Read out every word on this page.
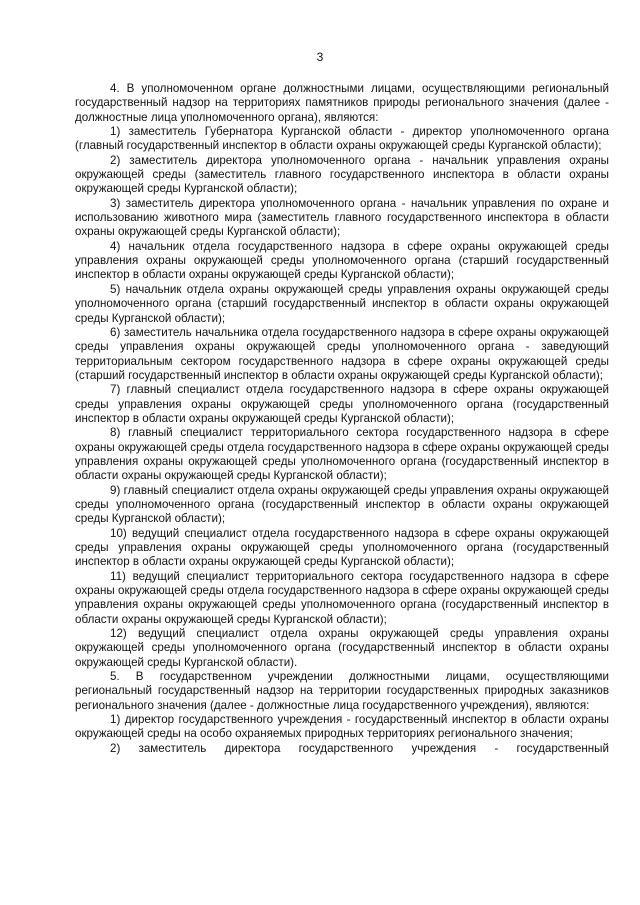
3

4. В уполномоченном органе должностными лицами, осуществляющими региональный государственный надзор на территориях памятников природы регионального значения (далее - должностные лица уполномоченного органа), являются:

1) заместитель Губернатора Курганской области - директор уполномоченного органа (главный государственный инспектор в области охраны окружающей среды Курганской области);

2) заместитель директора уполномоченного органа - начальник управления охраны окружающей среды (заместитель главного государственного инспектора в области охраны окружающей среды Курганской области);

3) заместитель директора уполномоченного органа - начальник управления по охране и использованию животного мира (заместитель главного государственного инспектора в области охраны окружающей среды Курганской области);

4) начальник отдела государственного надзора в сфере охраны окружающей среды управления охраны окружающей среды уполномоченного органа (старший государственный инспектор в области охраны окружающей среды Курганской области);

5) начальник отдела охраны окружающей среды управления охраны окружающей среды уполномоченного органа (старший государственный инспектор в области охраны окружающей среды Курганской области);

6) заместитель начальника отдела государственного надзора в сфере охраны окружающей среды управления охраны окружающей среды уполномоченного органа - заведующий территориальным сектором государственного надзора в сфере охраны окружающей среды (старший государственный инспектор в области охраны окружающей среды Курганской области);

7) главный специалист отдела государственного надзора в сфере охраны окружающей среды управления охраны окружающей среды уполномоченного органа (государственный инспектор в области охраны окружающей среды Курганской области);

8) главный специалист территориального сектора государственного надзора в сфере охраны окружающей среды отдела государственного надзора в сфере охраны окружающей среды управления охраны окружающей среды уполномоченного органа (государственный инспектор в области охраны окружающей среды Курганской области);

9) главный специалист отдела охраны окружающей среды управления охраны окружающей среды уполномоченного органа (государственный инспектор в области охраны окружающей среды Курганской области);

10) ведущий специалист отдела государственного надзора в сфере охраны окружающей среды управления охраны окружающей среды уполномоченного органа (государственный инспектор в области охраны окружающей среды Курганской области);

11) ведущий специалист территориального сектора государственного надзора в сфере охраны окружающей среды отдела государственного надзора в сфере охраны окружающей среды управления охраны окружающей среды уполномоченного органа (государственный инспектор в области охраны окружающей среды Курганской области);

12) ведущий специалист отдела охраны окружающей среды управления охраны окружающей среды уполномоченного органа (государственный инспектор в области охраны окружающей среды Курганской области).

5. В государственном учреждении должностными лицами, осуществляющими региональный государственный надзор на территории государственных природных заказников регионального значения (далее - должностные лица государственного учреждения), являются:

1) директор государственного учреждения - государственный инспектор в области охраны окружающей среды на особо охраняемых природных территориях регионального значения;

2) заместитель директора государственного учреждения - государственный
